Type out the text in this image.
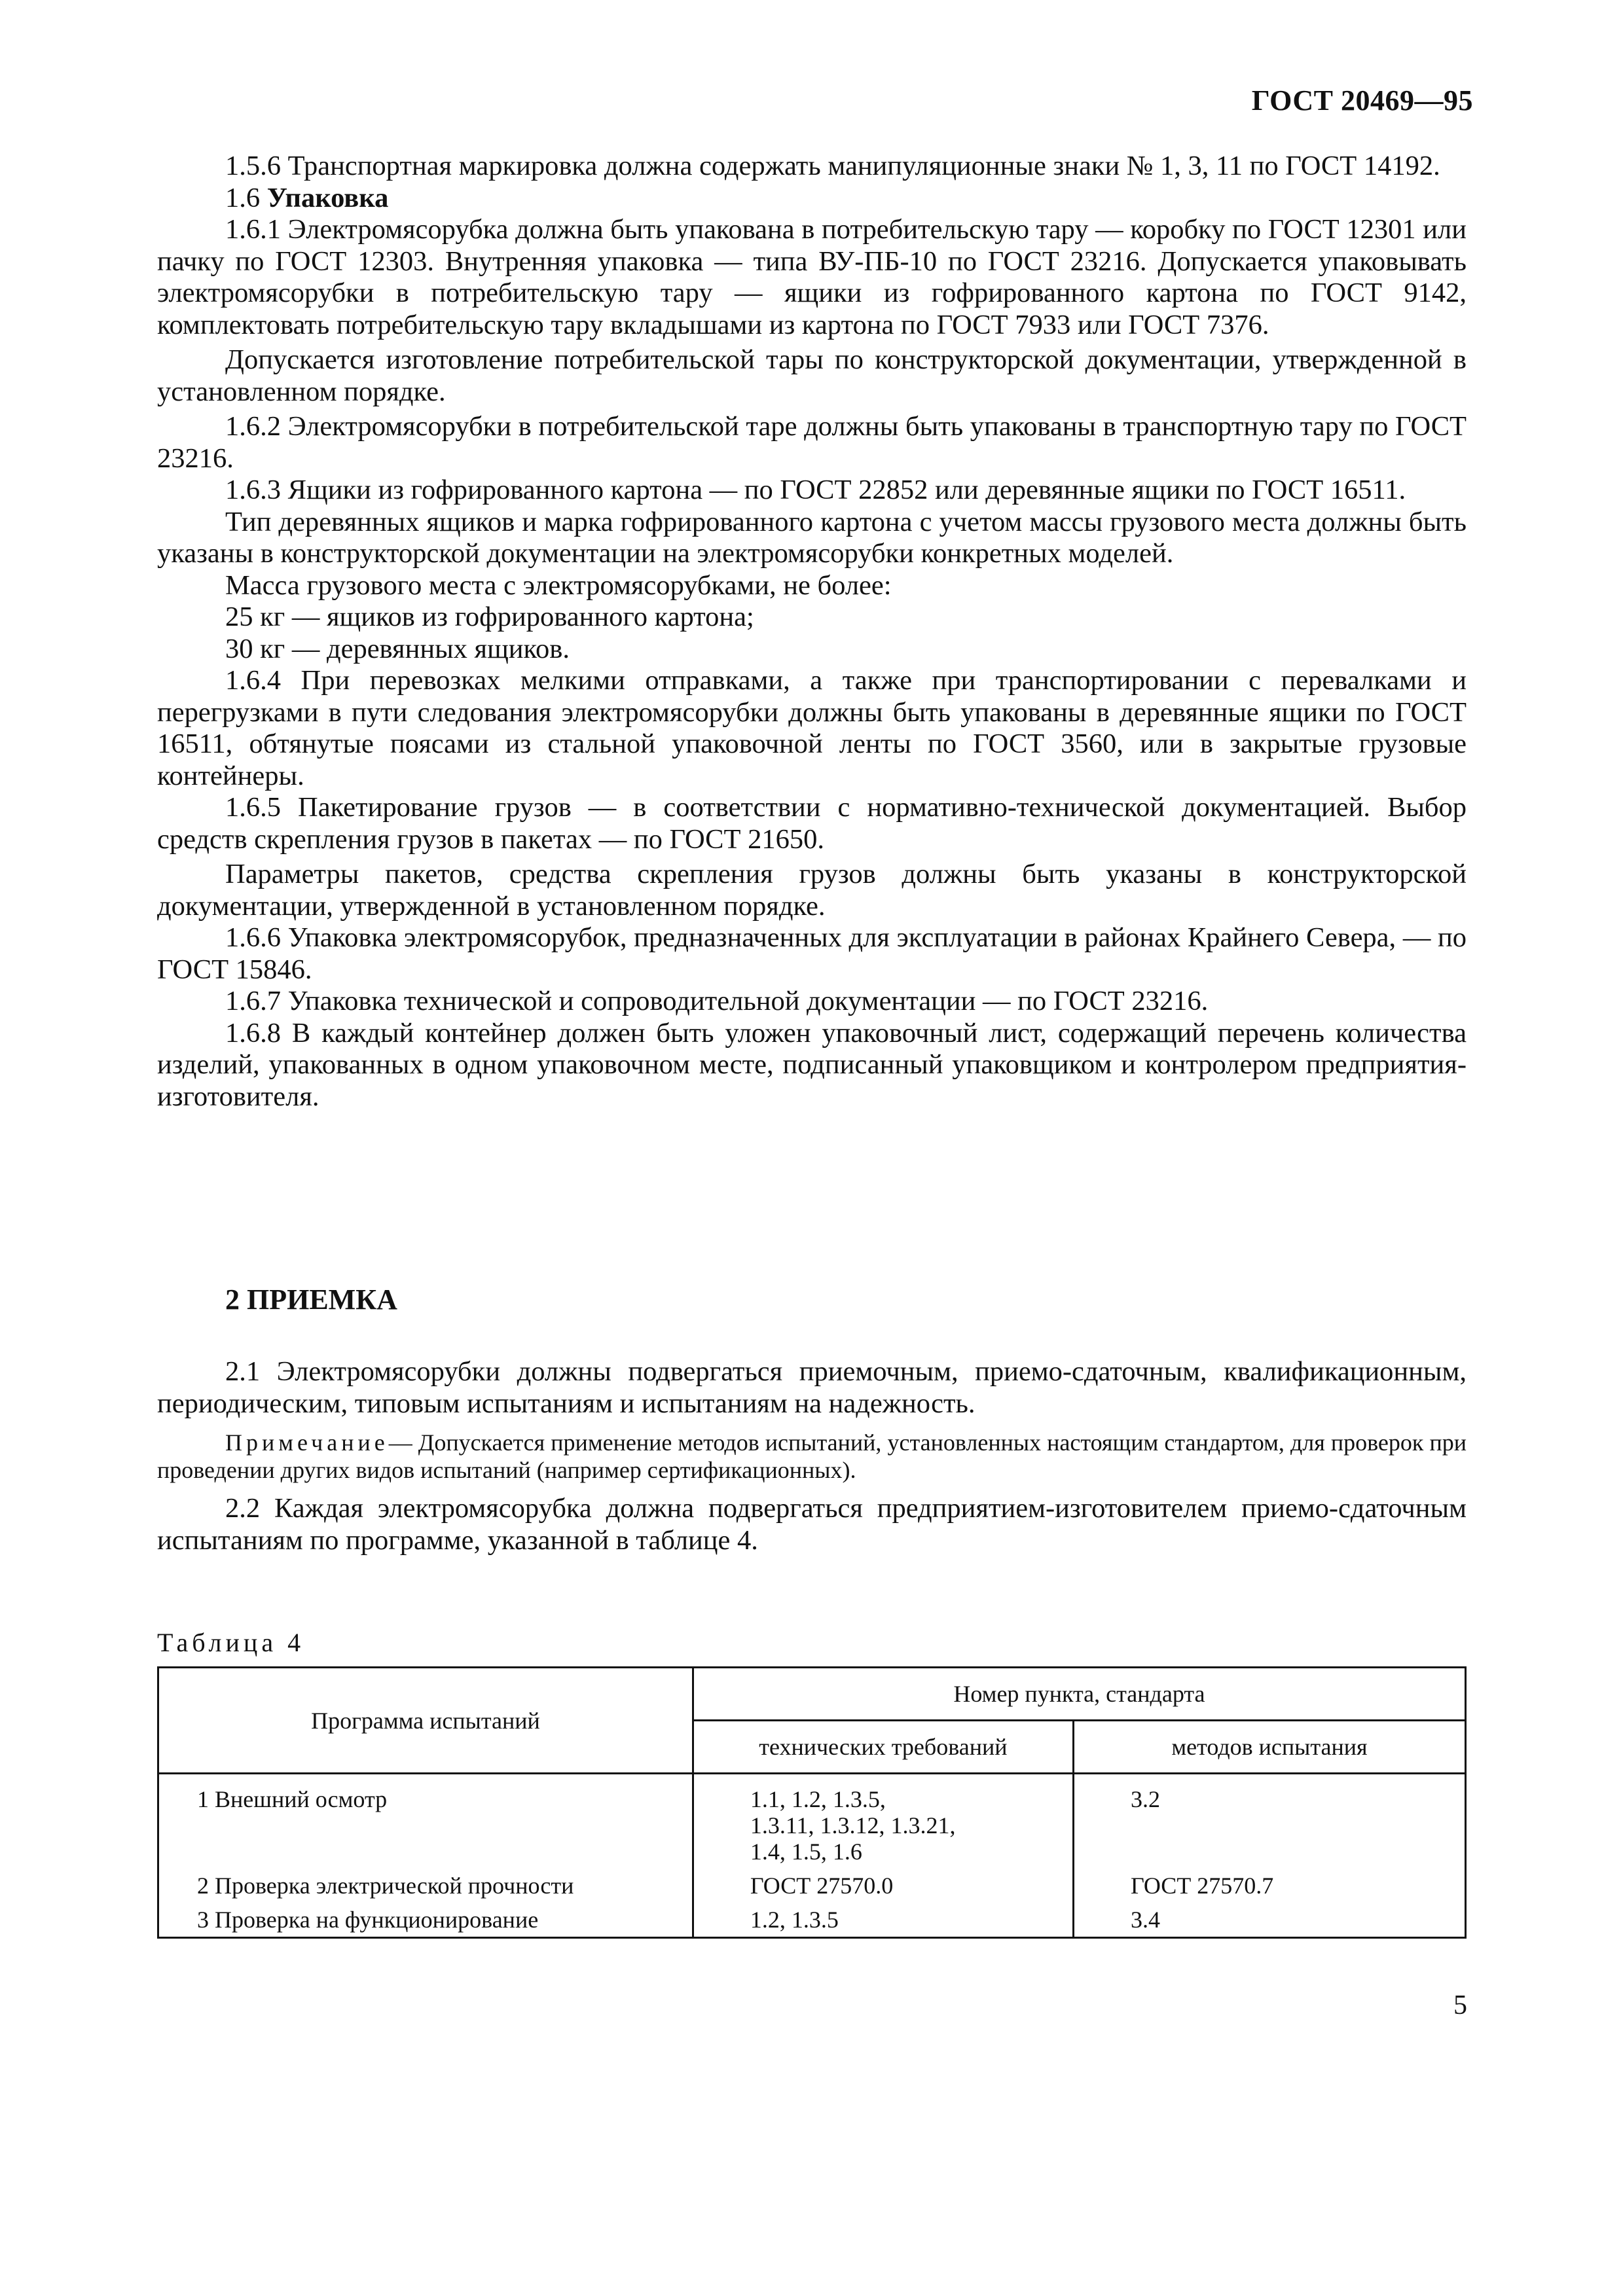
ГОСТ 20469—95

1.5.6 Транспортная маркировка должна содержать манипуляционные знаки № 1, 3, 11 по ГОСТ 14192.

1.6 Упаковка

1.6.1 Электромясорубка должна быть упакована в потребительскую тару — коробку по ГОСТ 12301 или пачку по ГОСТ 12303. Внутренняя упаковка — типа ВУ-ПБ-10 по ГОСТ 23216. Допускается упаковывать электромясорубки в потребительскую тару — ящики из гофрированного картона по ГОСТ 9142, комплектовать потребительскую тару вкладышами из картона по ГОСТ 7933 или ГОСТ 7376.

Допускается изготовление потребительской тары по конструкторской документации, утвержденной в установленном порядке.

1.6.2 Электромясорубки в потребительской таре должны быть упакованы в транспортную тару по ГОСТ 23216.

1.6.3 Ящики из гофрированного картона — по ГОСТ 22852 или деревянные ящики по ГОСТ 16511.

Тип деревянных ящиков и марка гофрированного картона с учетом массы грузового места должны быть указаны в конструкторской документации на электромясорубки конкретных моделей.

Масса грузового места с электромясорубками, не более:

25 кг — ящиков из гофрированного картона;

30 кг — деревянных ящиков.

1.6.4 При перевозках мелкими отправками, а также при транспортировании с перевалками и перегрузками в пути следования электромясорубки должны быть упакованы в деревянные ящики по ГОСТ 16511, обтянутые поясами из стальной упаковочной ленты по ГОСТ 3560, или в закрытые грузовые контейнеры.

1.6.5 Пакетирование грузов — в соответствии с нормативно-технической документацией. Выбор средств скрепления грузов в пакетах — по ГОСТ 21650.

Параметры пакетов, средства скрепления грузов должны быть указаны в конструкторской документации, утвержденной в установленном порядке.

1.6.6 Упаковка электромясорубок, предназначенных для эксплуатации в районах Крайнего Севера, — по ГОСТ 15846.

1.6.7 Упаковка технической и сопроводительной документации — по ГОСТ 23216.

1.6.8 В каждый контейнер должен быть уложен упаковочный лист, содержащий перечень количества изделий, упакованных в одном упаковочном месте, подписанный упаковщиком и контролером предприятия-изготовителя.

2 ПРИЕМКА

2.1 Электромясорубки должны подвергаться приемочным, приемо-сдаточным, квалификационным, периодическим, типовым испытаниям и испытаниям на надежность.

Примечание— Допускается применение методов испытаний, установленных настоящим стандартом, для проверок при проведении других видов испытаний (например сертификационных).

2.2 Каждая электромясорубка должна подвергаться предприятием-изготовителем приемо-сдаточным испытаниям по программе, указанной в таблице 4.

Таблица 4
Программа испытаний	Номер пункта, стандарта	
	технических требований	методов испытания
1 Внешний осмотр	1.1, 1.2, 1.3.5,
1.3.11, 1.3.12, 1.3.21,
1.4, 1.5, 1.6	3.2
2 Проверка электрической прочности	ГОСТ 27570.0	ГОСТ 27570.7
3 Проверка на функционирование	1.2, 1.3.5	3.4
5
